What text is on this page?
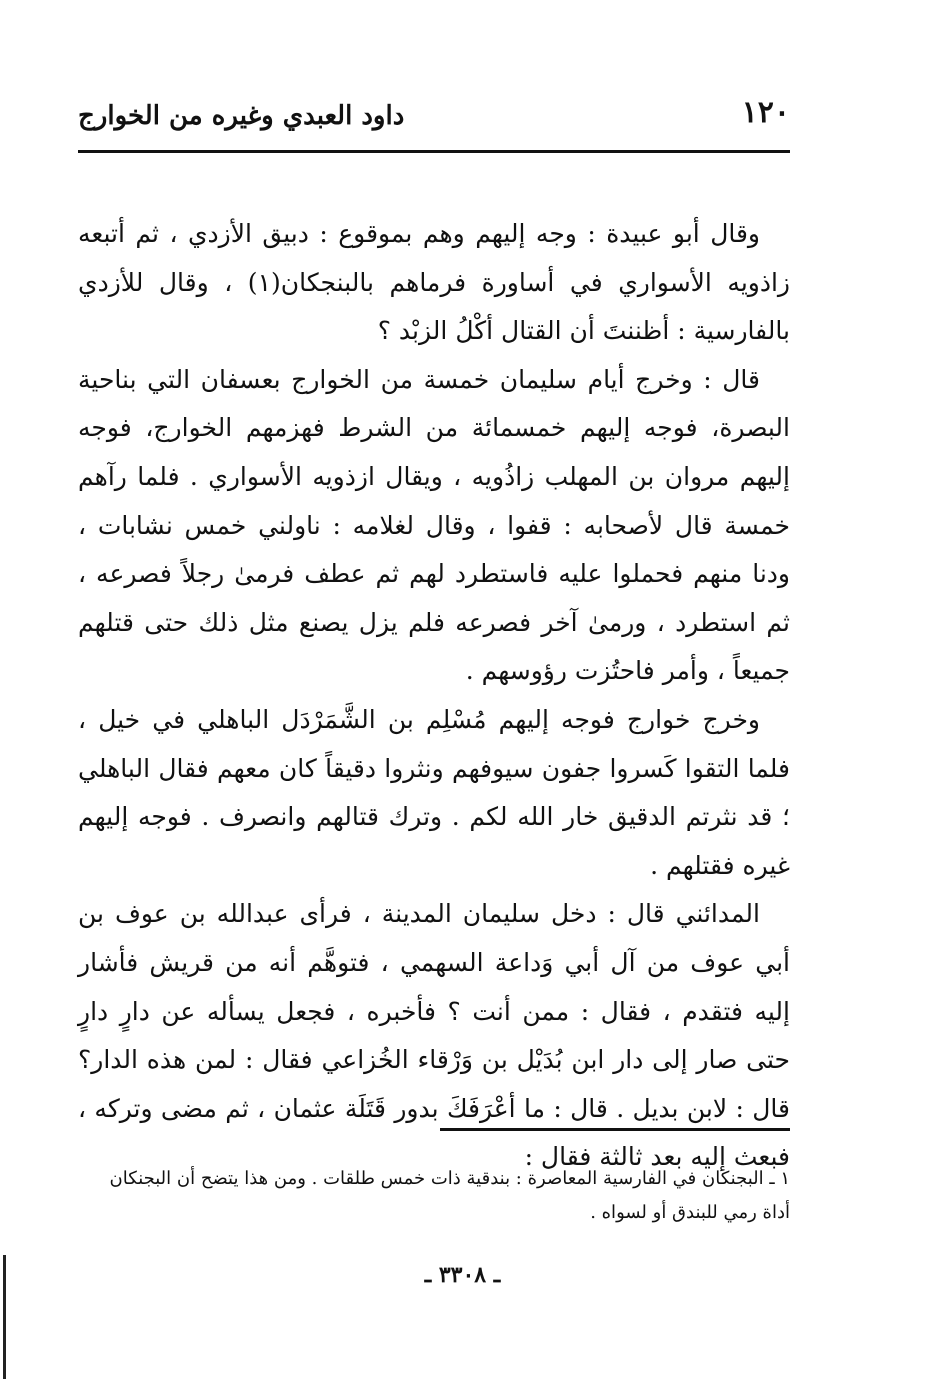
١٢٠
داود العبدي وغيره من الخوارج

وقال أبو عبيدة : وجه إليهم وهم بموقوع : دبيق الأزدي ، ثم أتبعه زاذويه الأسواري في أساورة فرماهم بالبنجكان(١) ، وقال للأزدي بالفارسية : أظننتَ أن القتال أكْلُ الزبْد ؟

قال : وخرج أيام سليمان خمسة من الخوارج بعسفان التي بناحية البصرة، فوجه إليهم خمسمائة من الشرط فهزمهم الخوارج، فوجه إليهم مروان بن المهلب زاذُويه ، ويقال ازذويه الأسواري . فلما رآهم خمسة قال لأصحابه : قفوا ، وقال لغلامه : ناولني خمس نشابات ، ودنا منهم فحملوا عليه فاستطرد لهم ثم عطف فرمىٰ رجلاً فصرعه ، ثم استطرد ، ورمىٰ آخر فصرعه فلم يزل يصنع مثل ذلك حتى قتلهم جميعاً ، وأمر فاحتُزت رؤوسهم .

وخرج خوارج فوجه إليهم مُسْلِم بن الشَّمَرْدَل الباهلي في خيل ، فلما التقوا كَسروا جفون سيوفهم ونثروا دقيقاً كان معهم فقال الباهلي ؛ قد نثرتم الدقيق خار الله لكم . وترك قتالهم وانصرف . فوجه إليهم غيره فقتلهم .

المدائني قال : دخل سليمان المدينة ، فرأى عبدالله بن عوف بن أبي عوف من آل أبي وَداعة السهمي ، فتوهَّم أنه من قريش فأشار إليه فتقدم ، فقال : ممن أنت ؟ فأخبره ، فجعل يسأله عن دارٍ دارٍ حتى صار إلى دار ابن بُدَيْل بن وَرْقاء الخُزاعي فقال : لمن هذه الدار؟ قال : لابن بديل . قال : ما أعْرَفَكَ بدور قَتَلَة عثمان ، ثم مضى وتركه ، فبعث إليه بعد ثالثة فقال :

١ ـ البجنكان في الفارسية المعاصرة : بندقية ذات خمس طلقات . ومن هذا يتضح أن البجنكان

أداة رمي للبندق أو لسواه .

ـ ٣٣٠٨ ـ
